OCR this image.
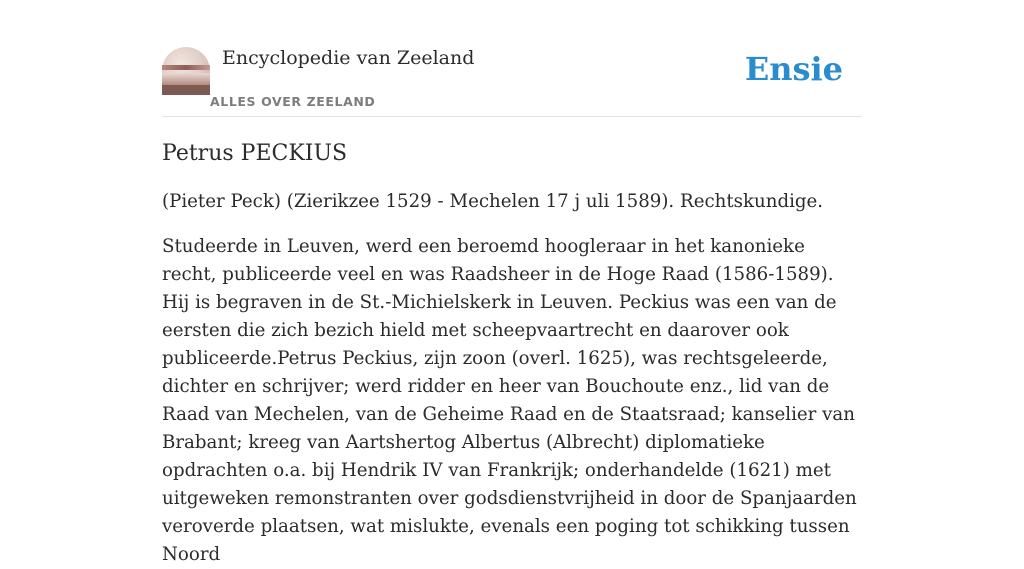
Encyclopedie van Zeeland
ALLES OVER ZEELAND
Ensie
Petrus PECKIUS

(Pieter Peck) (Zierikzee 1529 - Mechelen 17 j uli 1589). Rechtskundige.

Studeerde in Leuven, werd een beroemd hoogleraar in het kanonieke recht, publiceerde veel en was Raadsheer in de Hoge Raad (1586-1589). Hij is begraven in de St.-Michielskerk in Leuven. Peckius was een van de eersten die zich bezich hield met scheepvaartrecht en daarover ook publiceerde.Petrus Peckius, zijn zoon (overl. 1625), was rechtsgeleerde, dichter en schrijver; werd ridder en heer van Bouchoute enz., lid van de Raad van Mechelen, van de Geheime Raad en de Staatsraad; kanselier van Brabant; kreeg van Aartshertog Albertus (Albrecht) diplomatieke opdrachten o.a. bij Hendrik IV van Frankrijk; onderhandelde (1621) met uitgeweken remonstranten over godsdienstvrijheid in door de Spanjaarden veroverde plaatsen, wat mislukte, evenals een poging tot schikking tussen Noord
